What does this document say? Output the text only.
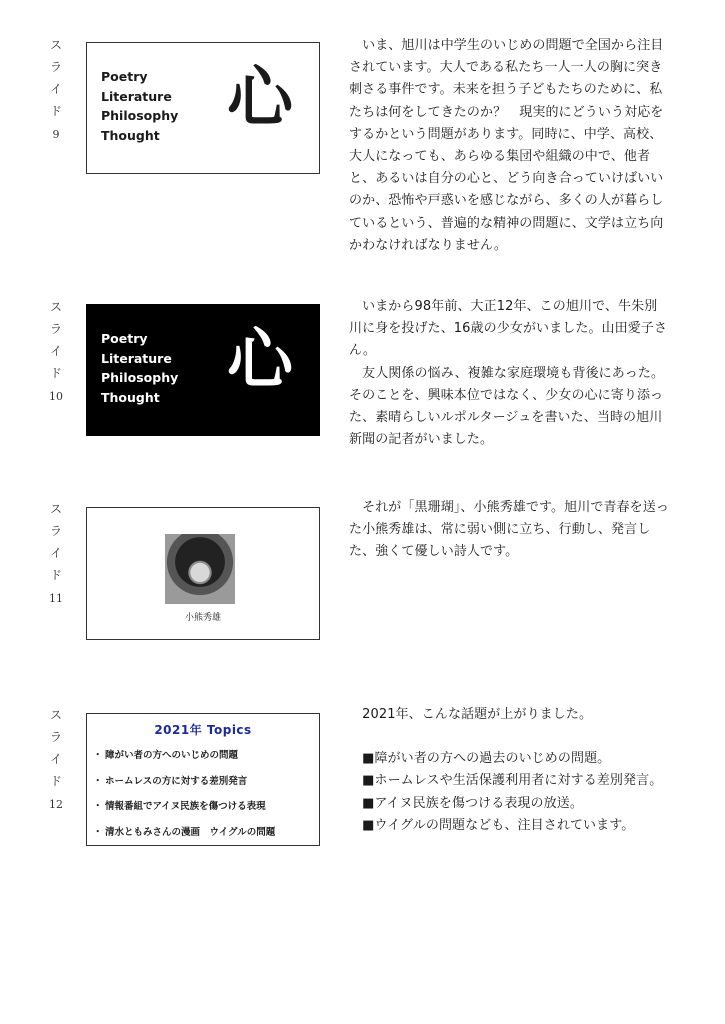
ス
ラ
イ
ド
9
Poetry
Literature
Philosophy
Thought 心

　いま、旭川は中学生のいじめの問題で全国から注目されています。大人である私たち一人一人の胸に突き刺さる事件です。未来を担う子どもたちのために、私たちは何をしてきたのか？　現実的にどういう対応をするかという問題があります。同時に、中学、高校、大人になっても、あらゆる集団や組織の中で、他者と、あるいは自分の心と、どう向き合っていけばいいのか、恐怖や戸惑いを感じながら、多くの人が暮らしているという、普遍的な精神の問題に、文学は立ち向かわなければなりません。

ス
ラ
イ
ド
10
Poetry
Literature
Philosophy
Thought 心

　いまから98年前、大正12年、この旭川で、牛朱別川に身を投げた、16歳の少女がいました。山田愛子さん。

　友人関係の悩み、複雑な家庭環境も背後にあった。そのことを、興味本位ではなく、少女の心に寄り添った、素晴らしいルポルタージュを書いた、当時の旭川新聞の記者がいました。

ス
ラ
イ
ド
11
小熊秀雄

　それが「黒珊瑚」、小熊秀雄です。旭川で青春を送った小熊秀雄は、常に弱い側に立ち、行動し、発言した、強くて優しい詩人です。

ス
ラ
イ
ド
12
2021年 Topics
・ 障がい者の方へのいじめの問題
・ ホームレスの方に対する差別発言
・ 情報番組でアイヌ民族を傷つける表現
・ 清水ともみさんの漫画　ウイグルの問題

　2021年、こんな話題が上がりました。

　■障がい者の方への過去のいじめの問題。

　■ホームレスや生活保護利用者に対する差別発言。

　■アイヌ民族を傷つける表現の放送。

　■ウイグルの問題なども、注目されています。
